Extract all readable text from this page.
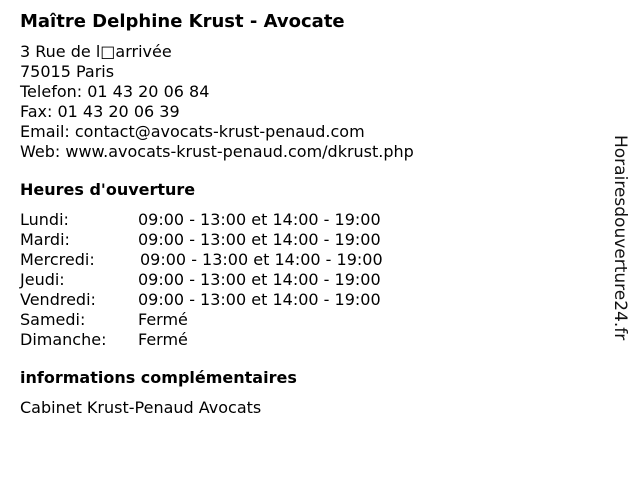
Maître Delphine Krust - Avocate
3 Rue de l□arrivée
75015 Paris
Telefon: 01 43 20 06 84
Fax: 01 43 20 06 39
Email: contact@avocats-krust-penaud.com
Web: www.avocats-krust-penaud.com/dkrust.php
Heures d'ouverture
Lundi:	09:00 - 13:00 et 14:00 - 19:00
Mardi:	09:00 - 13:00 et 14:00 - 19:00
Mercredi:	09:00 - 13:00 et 14:00 - 19:00
Jeudi:	09:00 - 13:00 et 14:00 - 19:00
Vendredi:	09:00 - 13:00 et 14:00 - 19:00
Samedi:	Fermé
Dimanche: Fermé
informations complémentaires
Cabinet Krust-Penaud Avocats
Horairesdouverture24.fr
